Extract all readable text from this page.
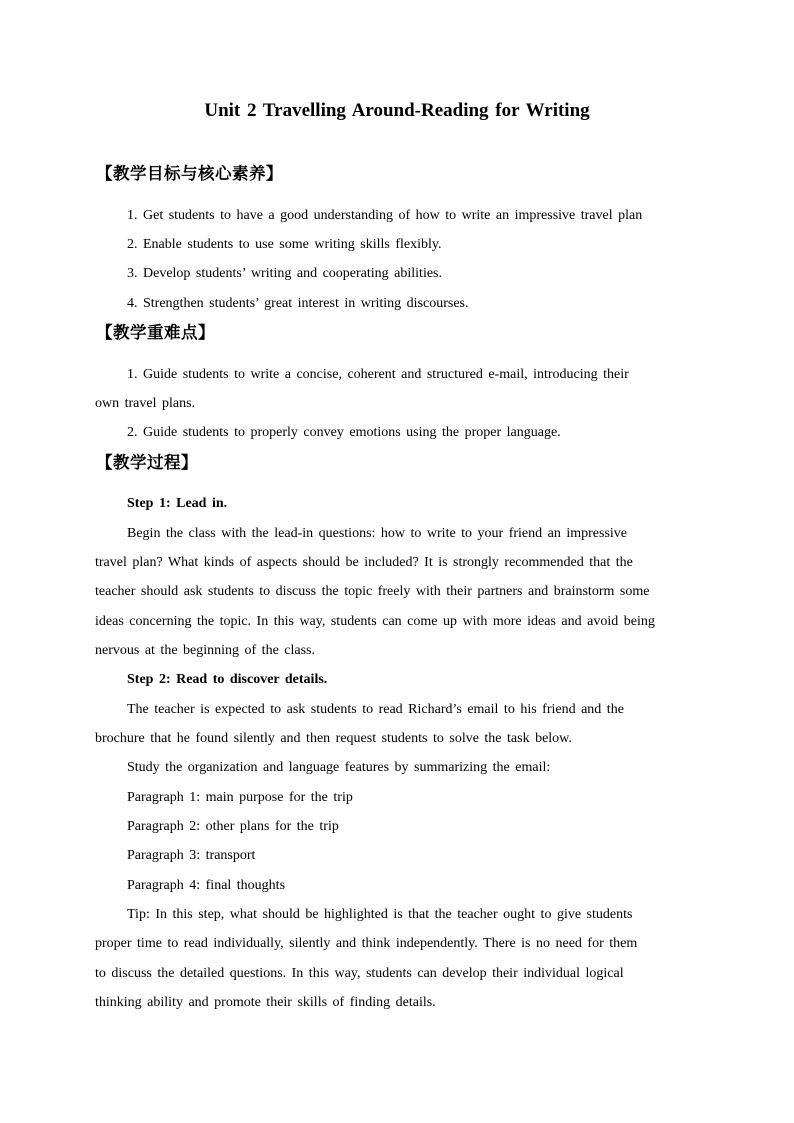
Unit 2 Travelling Around-Reading for Writing
【教学目标与核心素养】
1. Get students to have a good understanding of how to write an impressive travel plan
2. Enable students to use some writing skills flexibly.
3. Develop students’ writing and cooperating abilities.
4. Strengthen students’ great interest in writing discourses.
【教学重难点】
1. Guide students to write a concise, coherent and structured e-mail, introducing their
own travel plans.
2. Guide students to properly convey emotions using the proper language.
【教学过程】
Step 1: Lead in.
Begin the class with the lead-in questions: how to write to your friend an impressive
travel plan? What kinds of aspects should be included? It is strongly recommended that the
teacher should ask students to discuss the topic freely with their partners and brainstorm some
ideas concerning the topic. In this way, students can come up with more ideas and avoid being
nervous at the beginning of the class.
Step 2: Read to discover details.
The teacher is expected to ask students to read Richard’s email to his friend and the
brochure that he found silently and then request students to solve the task below.
Study the organization and language features by summarizing the email:
Paragraph 1: main purpose for the trip
Paragraph 2: other plans for the trip
Paragraph 3: transport
Paragraph 4: final thoughts
Tip: In this step, what should be highlighted is that the teacher ought to give students
proper time to read individually, silently and think independently. There is no need for them
to discuss the detailed questions. In this way, students can develop their individual logical
thinking ability and promote their skills of finding details.
